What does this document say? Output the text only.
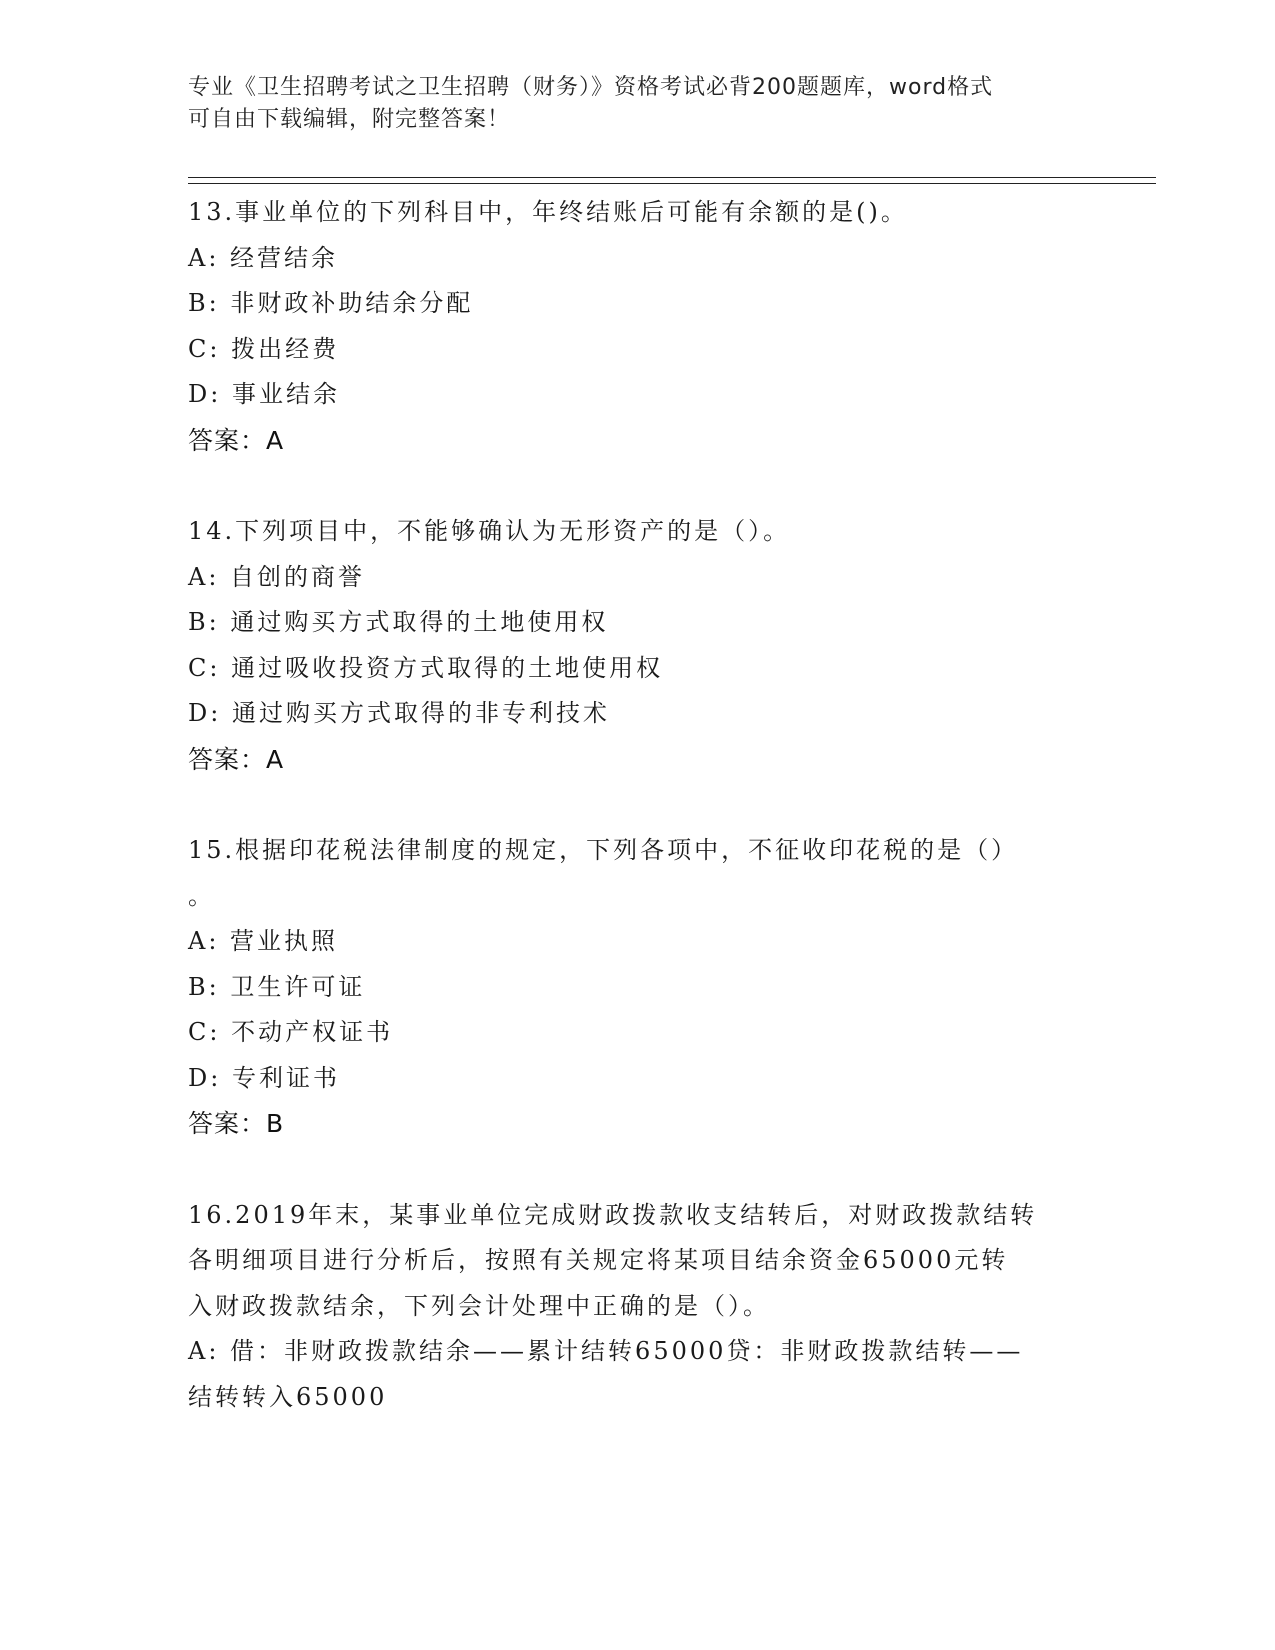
专业《卫生招聘考试之卫生招聘（财务）》资格考试必背200题题库，word格式
可自由下载编辑，附完整答案！
13.事业单位的下列科目中，年终结账后可能有余额的是()。
A: 经营结余
B: 非财政补助结余分配
C: 拨出经费
D: 事业结余
答案：A
14.下列项目中，不能够确认为无形资产的是（）。
A: 自创的商誉
B: 通过购买方式取得的土地使用权
C: 通过吸收投资方式取得的土地使用权
D: 通过购买方式取得的非专利技术
答案：A
15.根据印花税法律制度的规定，下列各项中，不征收印花税的是（）
。
A: 营业执照
B: 卫生许可证
C: 不动产权证书
D: 专利证书
答案：B
16.2019年末，某事业单位完成财政拨款收支结转后，对财政拨款结转
各明细项目进行分析后，按照有关规定将某项目结余资金65000元转
入财政拨款结余，下列会计处理中正确的是（）。
A: 借：非财政拨款结余——累计结转65000贷：非财政拨款结转——
结转转入65000
